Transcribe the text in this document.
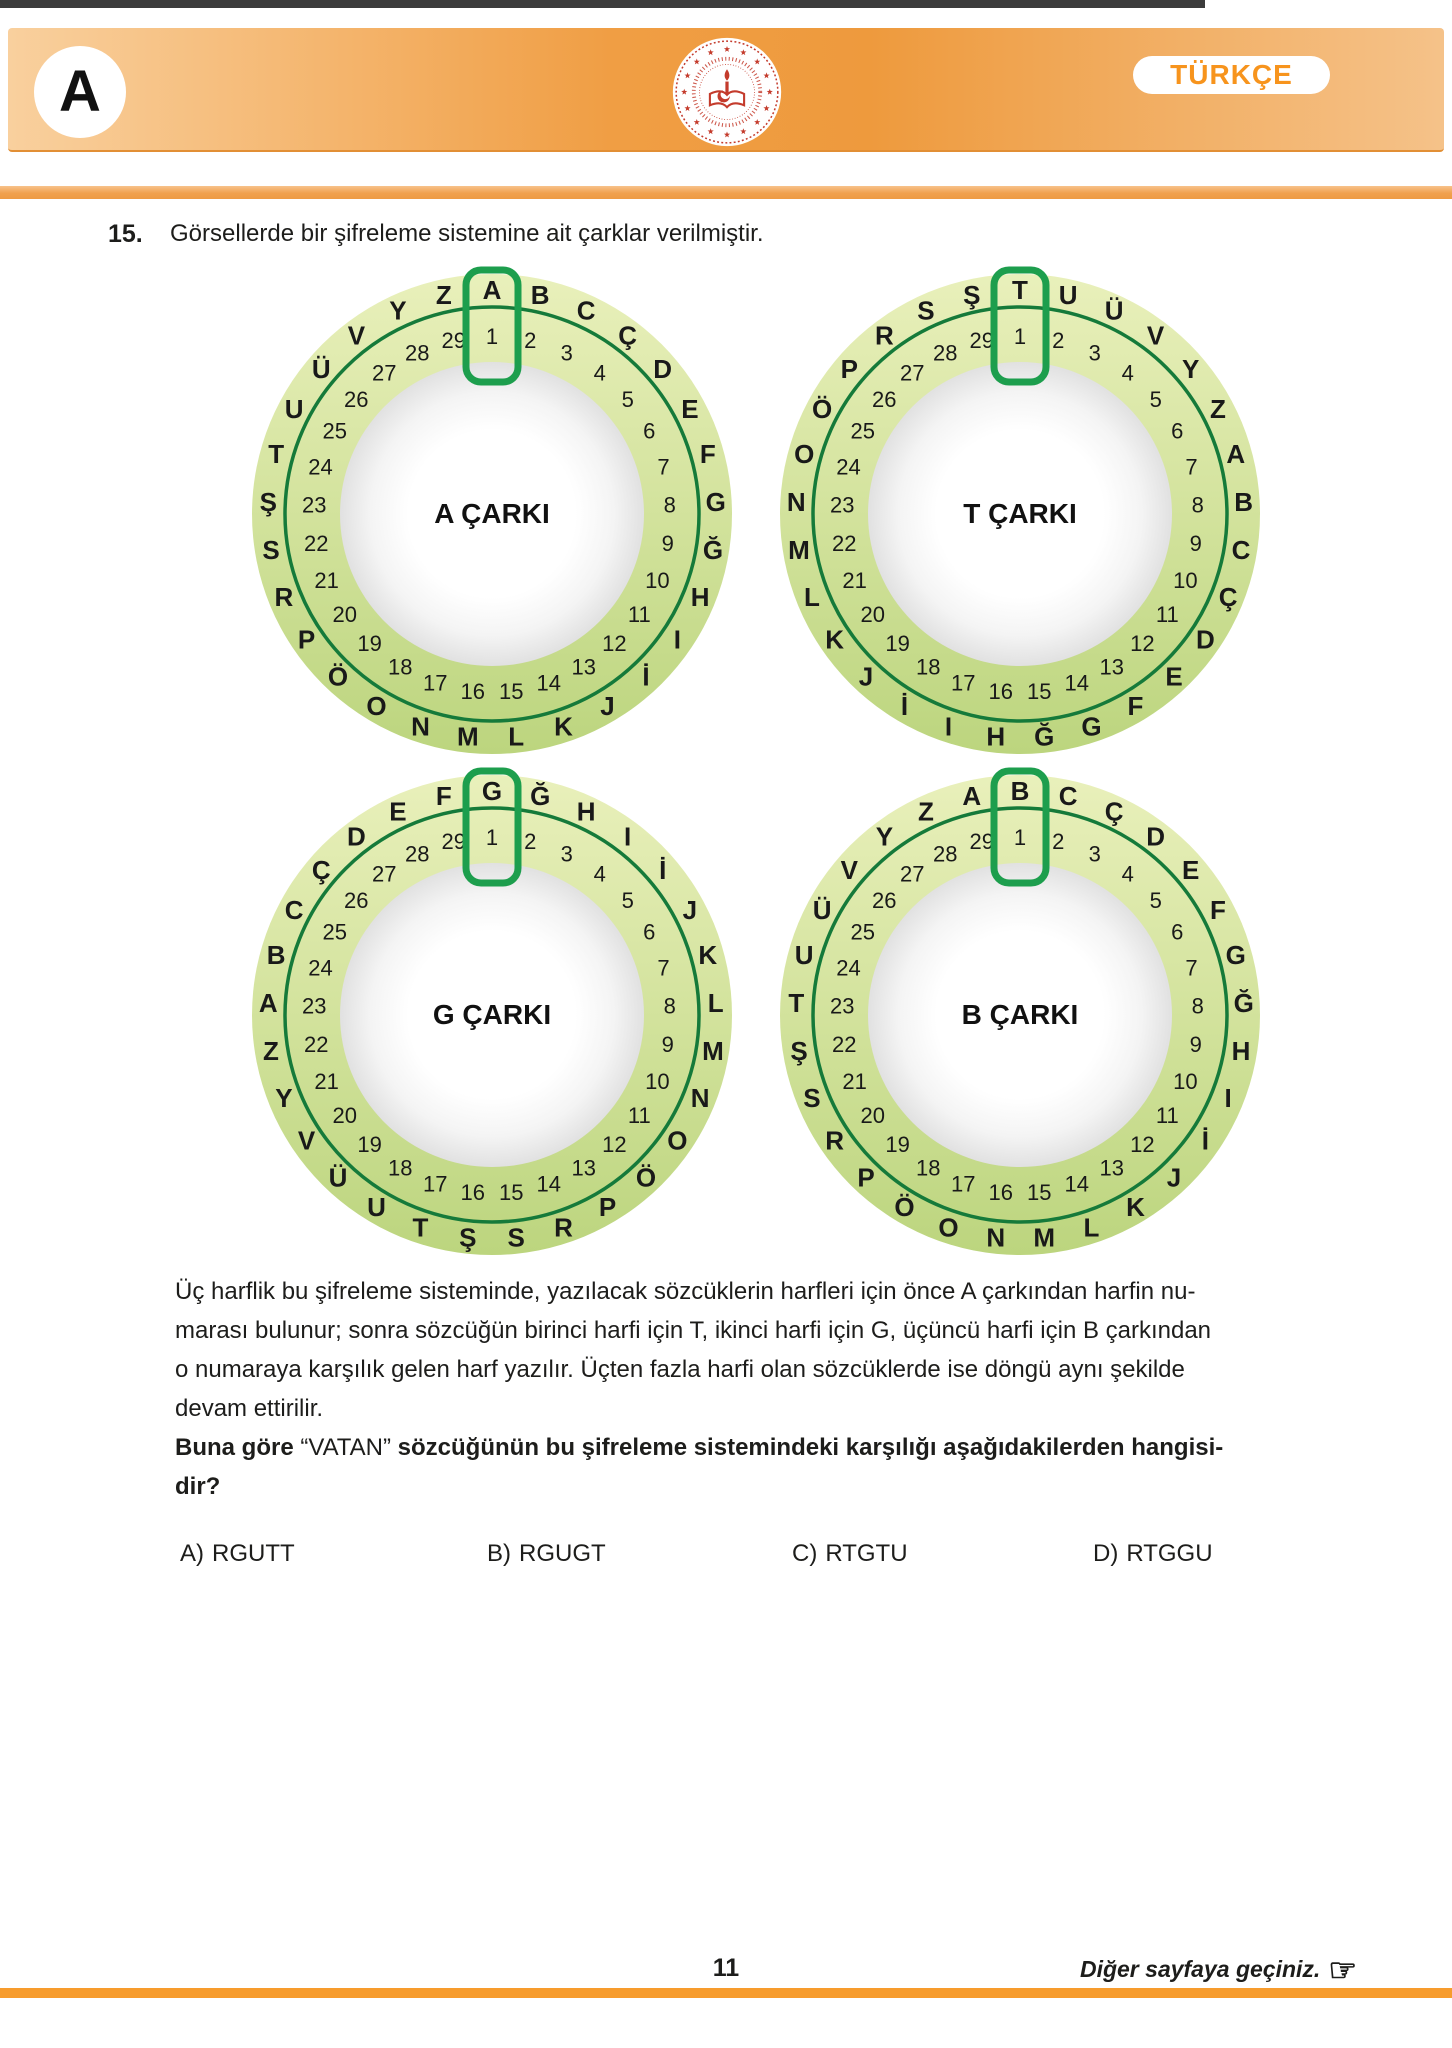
A	TÜRKÇE
15.	Görsellerde bir şifreleme sistemine ait çarklar verilmiştir.
A
1
B
2
C
3
Ç
4 D
5 E
6
F
7
G
8
Ğ
9
H
10
I
11
İ
12
J
13
K
14
L
15
M
16
N
17
O
18
Ö
19
P
20
R
21
S 22
Ş 23
T 24
U
25
Ü
26
V
27
Y
28
Z
29
A ÇARKI
T
1
U
2
Ü
3
V
4 Y
5 Z
6
A
7
B
8
C
9
Ç
10
D
11
E
12
F
13
G
14
Ğ
15
H
16
I
17
İ
18
J
19
K
20
L
21
M 22
N 23
O 24
Ö
25
P
26
R
27
S
28
Ş
29
T ÇARKI
G
1
Ğ
2
H
3
I
4 İ
5 J
6
K
7
L
8
M
9
N
10
O
11
Ö
12
P
13
R
14
S
15
Ş
16
T
17
U
18
Ü
19
V
20
Y
21
Z 22
A 23
B 24
C
25
Ç
26
D
27
E
28
F
29
G ÇARKI
B
1
C
2
Ç
3
D
4 E
5 F
6
G
7
Ğ
8
H
9
I
10
İ
11
J
12
K
13
L
14
M
15
N
16
O
17
Ö
18
P
19
R
20
S
21
Ş 22
T 23
U 24
Ü
25
V
26
Y
27
Z
28
A
29
B ÇARKI
Üç harflik bu şifreleme sisteminde, yazılacak sözcüklerin harfleri için önce A çarkından harfin nu-
marası bulunur; sonra sözcüğün birinci harfi için T, ikinci harfi için G, üçüncü harfi için B çarkından
o numaraya karşılık gelen harf yazılır. Üçten fazla harfi olan sözcüklerde ise döngü aynı şekilde
devam ettirilir.
Buna göre “VATAN” sözcüğünün bu şifreleme sistemindeki karşılığı aşağıdakilerden hangisi-
dir?
A) RGUTT	B) RGUGT	C) RTGTU	D) RTGGU
11	Diğer sayfaya geçiniz. ☞
